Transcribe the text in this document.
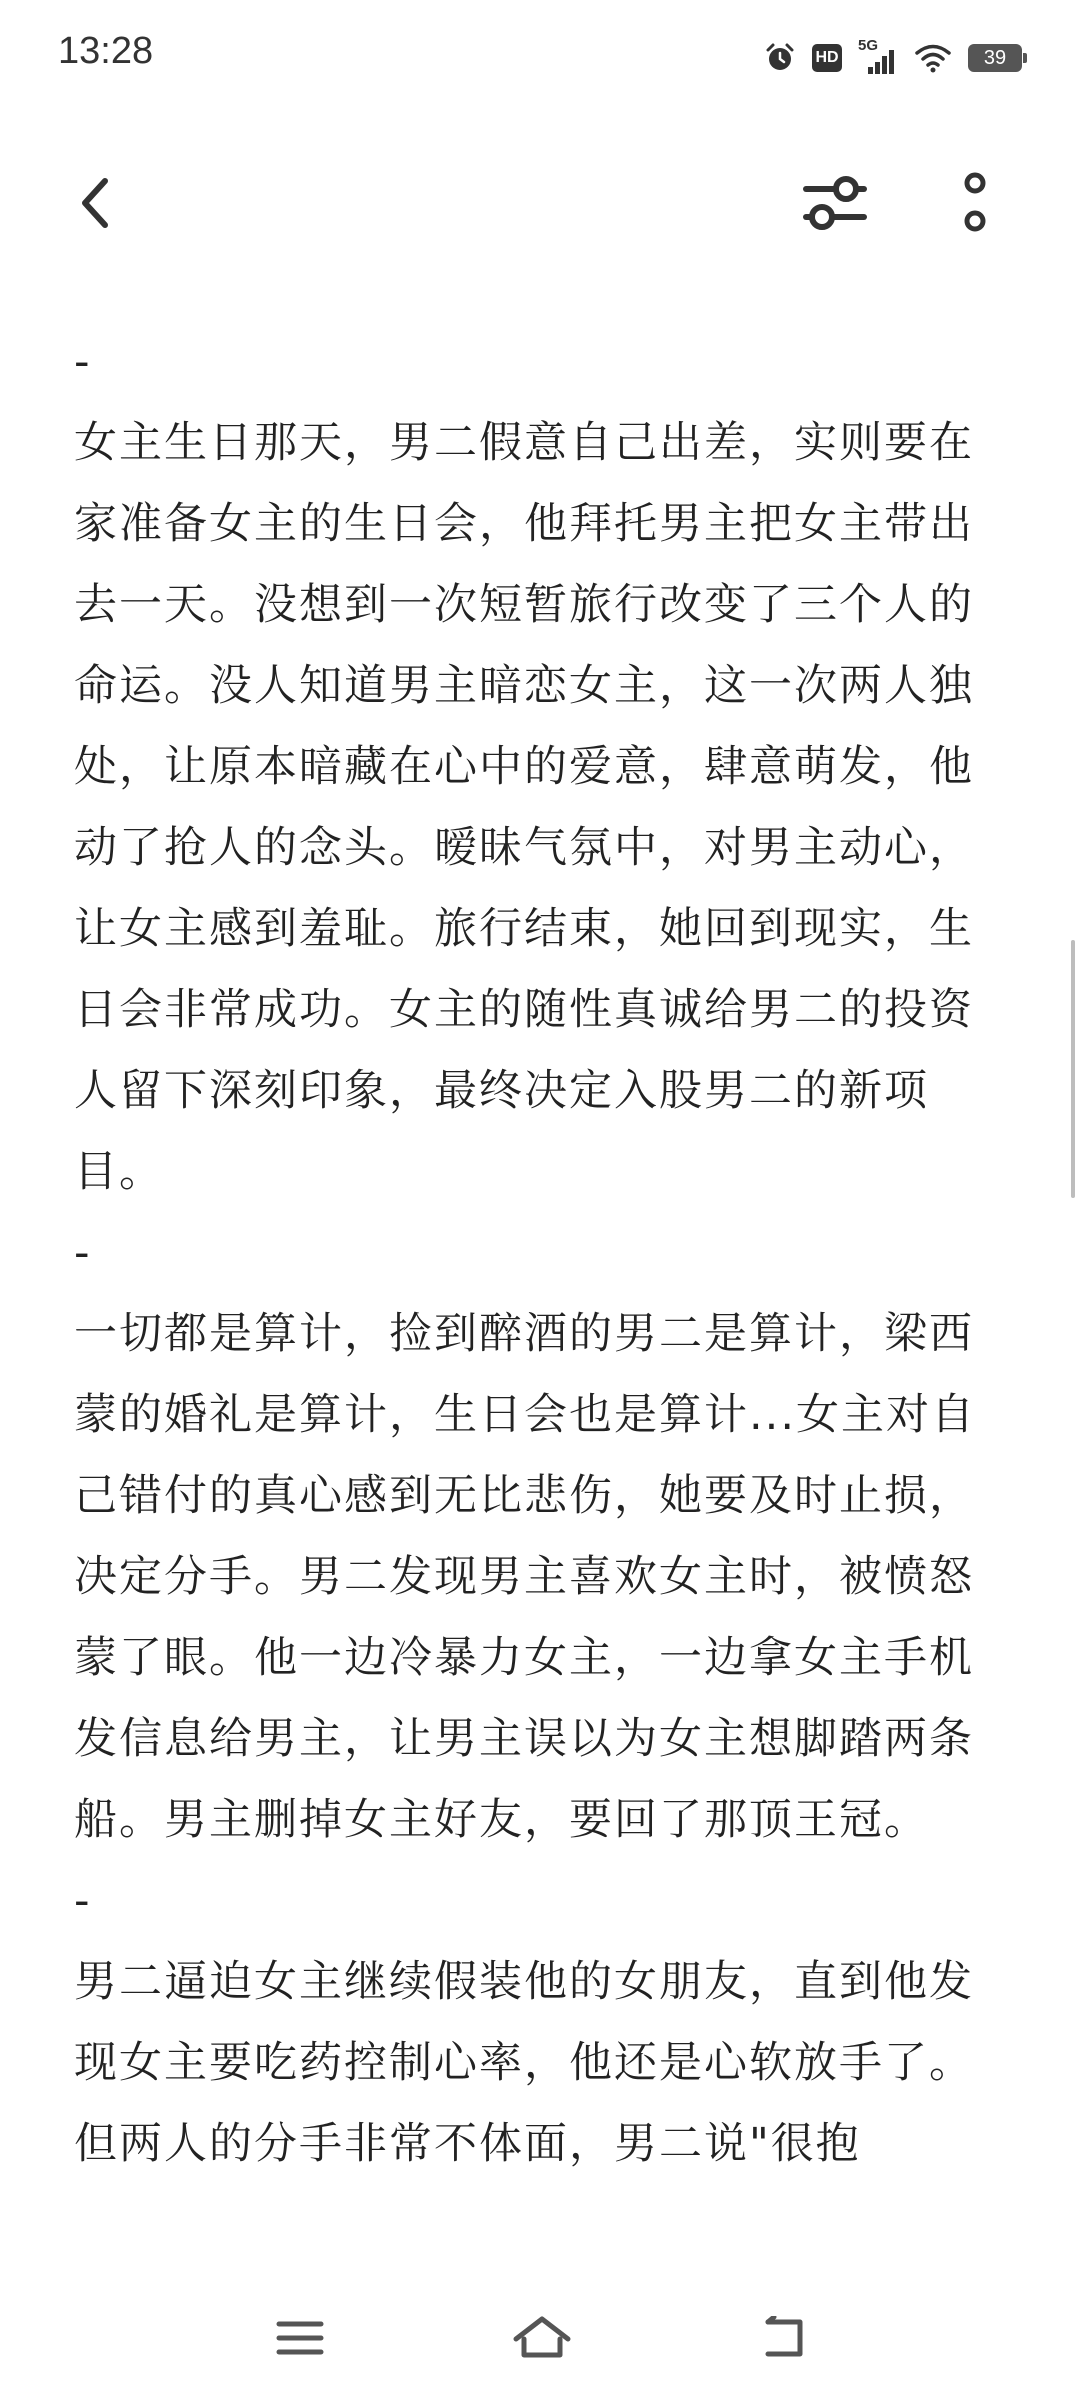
13:28	HD
5G
39

-

女主生日那天，男二假意自己出差，实则要在家准备女主的生日会，他拜托男主把女主带出去一天。没想到一次短暂旅行改变了三个人的命运。没人知道男主暗恋女主，这一次两人独处，让原本暗藏在心中的爱意，肆意萌发，他动了抢人的念头。暧昧气氛中，对男主动心，让女主感到羞耻。旅行结束，她回到现实，生日会非常成功。女主的随性真诚给男二的投资人留下深刻印象，最终决定入股男二的新项目。

-

一切都是算计，捡到醉酒的男二是算计，梁西蒙的婚礼是算计，生日会也是算计...女主对自己错付的真心感到无比悲伤，她要及时止损，决定分手。男二发现男主喜欢女主时，被愤怒蒙了眼。他一边冷暴力女主，一边拿女主手机发信息给男主，让男主误以为女主想脚踏两条船。男主删掉女主好友，要回了那顶王冠。

-

男二逼迫女主继续假装他的女朋友，直到他发现女主要吃药控制心率，他还是心软放手了。但两人的分手非常不体面，男二说"很抱
